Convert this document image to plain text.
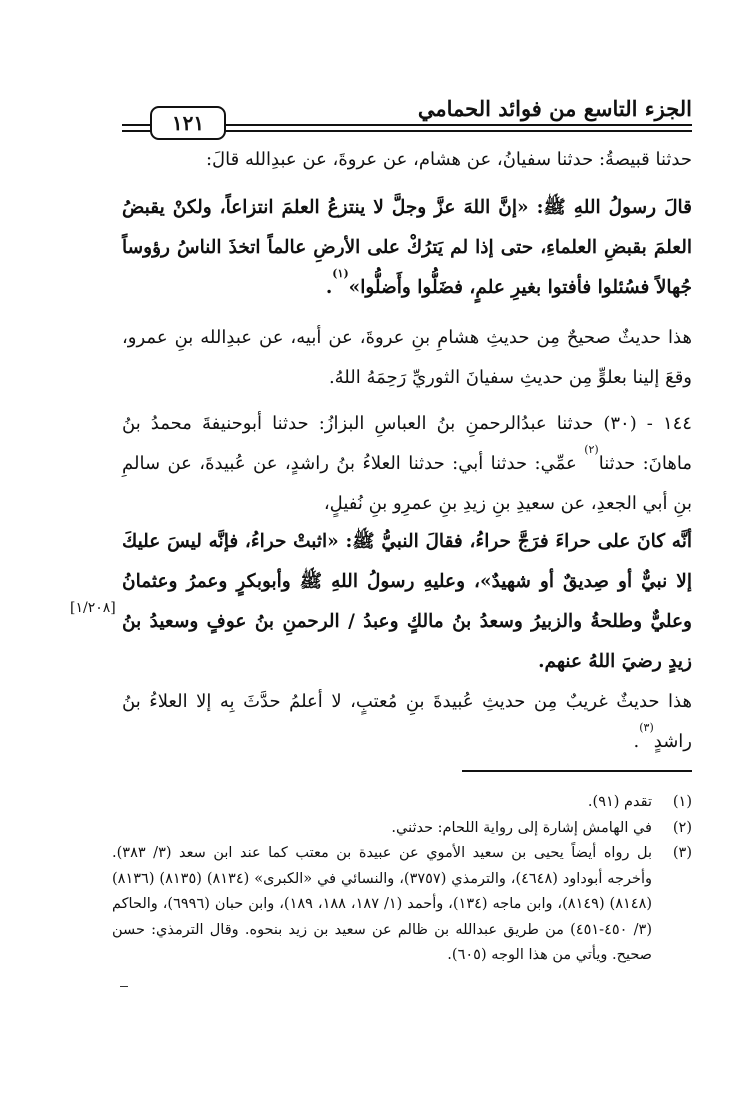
الجزء التاسع من فوائد الحمامي
١٢١
حدثنا قبيصةُ: حدثنا سفيانُ، عن هشام، عن عروةَ، عن عبدِالله قالَ:
قالَ رسولُ اللهِ ﷺ: «إنَّ اللهَ عزَّ وجلَّ لا ينتزعُ العلمَ انتزاعاً، ولكنْ يقبضُ العلمَ بقبضِ العلماءِ، حتى إذا لم يَترُكْ على الأرضِ عالماً اتخذَ الناسُ رؤوساً جُهالاً فسُئلوا فأفتوا بغيرِ علمٍ، فضَلُّوا وأَضلُّوا»$^{(١)}$.
هذا حديثٌ صحيحٌ مِن حديثِ هشامِ بنِ عروةَ، عن أبيه، عن عبدِالله بنِ عمرو، وقعَ إلينا بعلوٍّ مِن حديثِ سفيانَ الثوريِّ رَحِمَهُ اللهُ.
١٤٤ - (٣٠) حدثنا عبدُالرحمنِ بنُ العباسِ البزازُ: حدثنا أبوحنيفةَ محمدُ بنُ ماهانَ: حدثنا$^{(٢)}$ عمِّي: حدثنا أبي: حدثنا العلاءُ بنُ راشدٍ، عن عُبيدةَ، عن سالمِ بنِ أبي الجعدِ، عن سعيدِ بنِ زيدِ بنِ عمرِو بنِ نُفيلٍ،
أنَّه كانَ على حراءَ فرَجَّ حراءُ، فقالَ النبيُّ ﷺ: «اثبتْ حراءُ، فإنَّه ليسَ عليكَ إلا نبيٌّ أو صِديقٌ أو شهيدٌ»، وعليهِ رسولُ اللهِ ﷺ وأبوبكرٍ وعمرُ وعثمانُ وعليٌّ وطلحةُ والزبيرُ وسعدُ بنُ مالكٍ وعبدُ / الرحمنِ بنُ عوفٍ وسعيدُ بنُ زيدٍ رضيَ اللهُ عنهم.
[١/٢٠٨]
هذا حديثٌ غريبٌ مِن حديثِ عُبيدةَ بنِ مُعتبٍ، لا أعلمُ حدَّثَ بِه إلا العلاءُ بنُ راشدٍ$^{(٣)}$.
(١)
تقدم (٩١).
(٢)
في الهامش إشارة إلى رواية اللحام: حدثني.
(٣)
بل رواه أيضاً يحيى بن سعيد الأموي عن عبيدة بن معتب كما عند ابن سعد (٣/ ٣٨٣). وأخرجه أبوداود (٤٦٤٨)، والترمذي (٣٧٥٧)، والنسائي في «الكبرى» (٨١٣٤) (٨١٣٥) (٨١٣٦) (٨١٤٨) (٨١٤٩)، وابن ماجه (١٣٤)، وأحمد (١/ ١٨٧، ١٨٨، ١٨٩)، وابن حبان (٦٩٩٦)، والحاكم (٣/ ٤٥٠-٤٥١) من طريق عبدالله بن ظالم عن سعيد بن زيد بنحوه. وقال الترمذي: حسن صحيح. ويأتي من هذا الوجه (٦٠٥).
